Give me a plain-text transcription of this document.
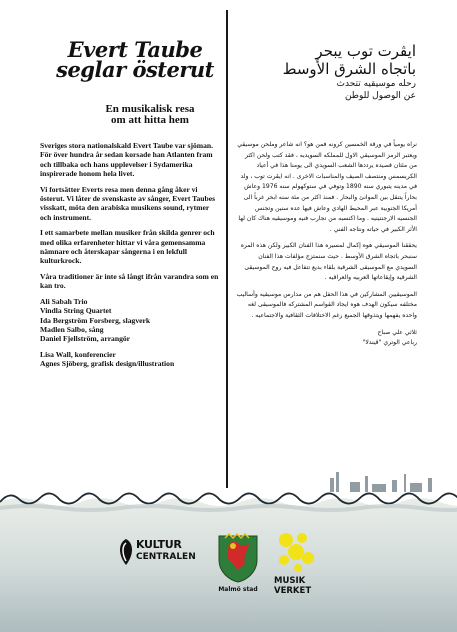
Evert Taube
seglar österut
En musikalisk resa
om att hitta hem

Sveriges stora nationalskald Evert Taube var sjöman. För över hundra år sedan korsade han Atlanten fram och tillbaka och hans upplevelser i Sydamerika inspirerade honom hela livet.

Vi fortsätter Everts resa men denna gång åker vi österut. Vi låter de svenskaste av sånger, Evert Taubes visskatt, möta den arabiska musikens sound, rytmer och instrument.

I ett samarbete mellan musiker från skilda genrer och med olika erfarenheter hittar vi våra gemensamma nämnare och återskapar sångerna i en lekfull kulturkrock.

Våra traditioner är inte så långt ifrån varandra som en kan tro.

Ali Sabah Trio
Vindla String Quartet
Ida Bergström Forsberg, slagverk
Madlen Salbo, sång
Daniel Fjellström, arrangör
Lisa Wall, konferencier
Agnes Sjöberg, grafisk design/illustration
ايڤرت توب يبحر
باتجاه الشرق الأوسط
رحله موسيقيه تتحدث
عن الوصول للوطن

نراه يومياً في ورقة الخمسين كرونه فمن هو؟ انه شاعر وملحن موسيقي ويعتبر الرمز الموسيقي الاول للمملكه السويديه ، فقد كتب ولحن اكثر من مئتان قصيده يرددها الشعب السويدي الى يومنا هذا في أعياد الكريسمس ومنتصف الصيف والمناسبات الاخرى . انه ايڤرت توب ، ولد في مدينه يتبوري سنه 1890 وتوفي في ستوكهولم سنه 1976 وعاش بحاراً يتنقل بين الموانئ والبحار . فمنذ اكثر من مئة سنه ابحر غرباً الى أمريكا الجنوبية عبر المحيط الهادي وعاش فيها عده سنين وتجنس الجنسيه الارجنتينيه . وما اكتسبه من تجارب فنيه وموسيقيه هناك كان لها الأثر الكبير في حياته ونتاجه الفني .

يحققنا الموسيقي هوه إكمال لمسيره هذا الفنان الكبير ولكن هذه المره سنبحر باتجاه الشرق الأوسط . حيث سنمتزج مؤلفات هذا الفنان السويدي مع الموسيقى الشرقية بلقاء بديع تتفاعل فيه روح الموسيقى الشرقية وإيقاعاتها العربيه والعراقيه .

الموسيقيين المشاركين في هذا الحفل هم من مدارس موسيقيه وأساليب مختلفه سيكون الهدف هوه ايجاد القواسم المشتركه فالموسيقى لغه واحده يفهمها ويتذوقها الجميع رغم الاختلافات الثقافية والاجتماعيه .

ثلاثي علي صباح
رباعي الوتري "ڤيندلا"
KULTUR
CENTRALEN
Malmö stad
MUSIK
VERKET
